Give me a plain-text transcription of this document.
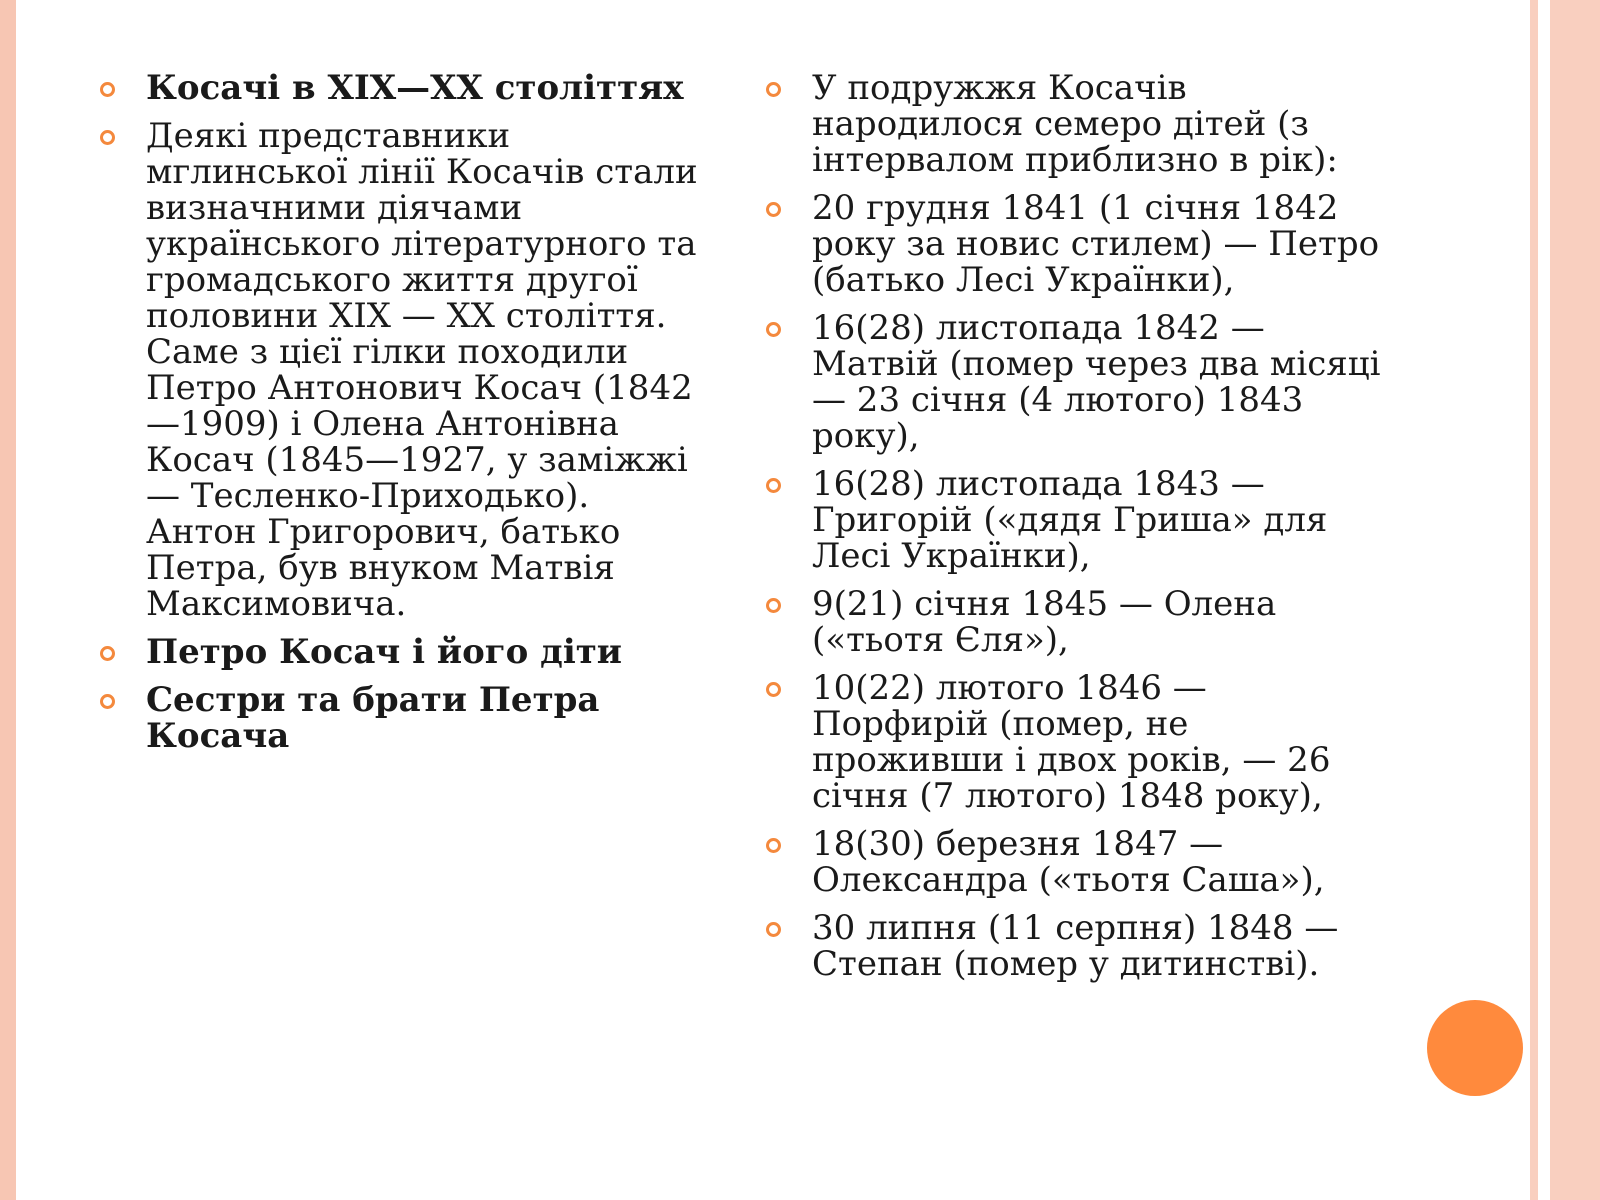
Косачі в XIX—XX століттях
Деякі представники мглинської лінії Косачів стали визначними діячами українського літературного та громадського життя другої половини XIX — XX століття. Саме з цієї гілки походили Петро Антонович Косач (1842—1909) і Олена Антонівна Косач (1845—1927, у заміжжі — Тесленко-Приходько). Антон Григорович, батько Петра, був внуком Матвія Максимовича.
Петро Косач і його діти
Сестри та брати Петра Косача
У подружжя Косачів народилося семеро дітей (з інтервалом приблизно в рік):
20 грудня 1841 (1 січня 1842 року за новис стилем) — Петро (батько Лесі Українки),
16(28) листопада 1842 — Матвій (помер через два місяці — 23 січня (4 лютого) 1843 року),
16(28) листопада 1843 — Григорій («дядя Гриша» для Лесі Українки),
9(21) січня 1845 — Олена («тьотя Єля»),
10(22) лютого 1846 — Порфирій (помер, не проживши і двох років, — 26 січня (7 лютого) 1848 року),
18(30) березня 1847 — Олександра («тьотя Саша»),
30 липня (11 серпня) 1848 — Степан (помер у дитинстві).
